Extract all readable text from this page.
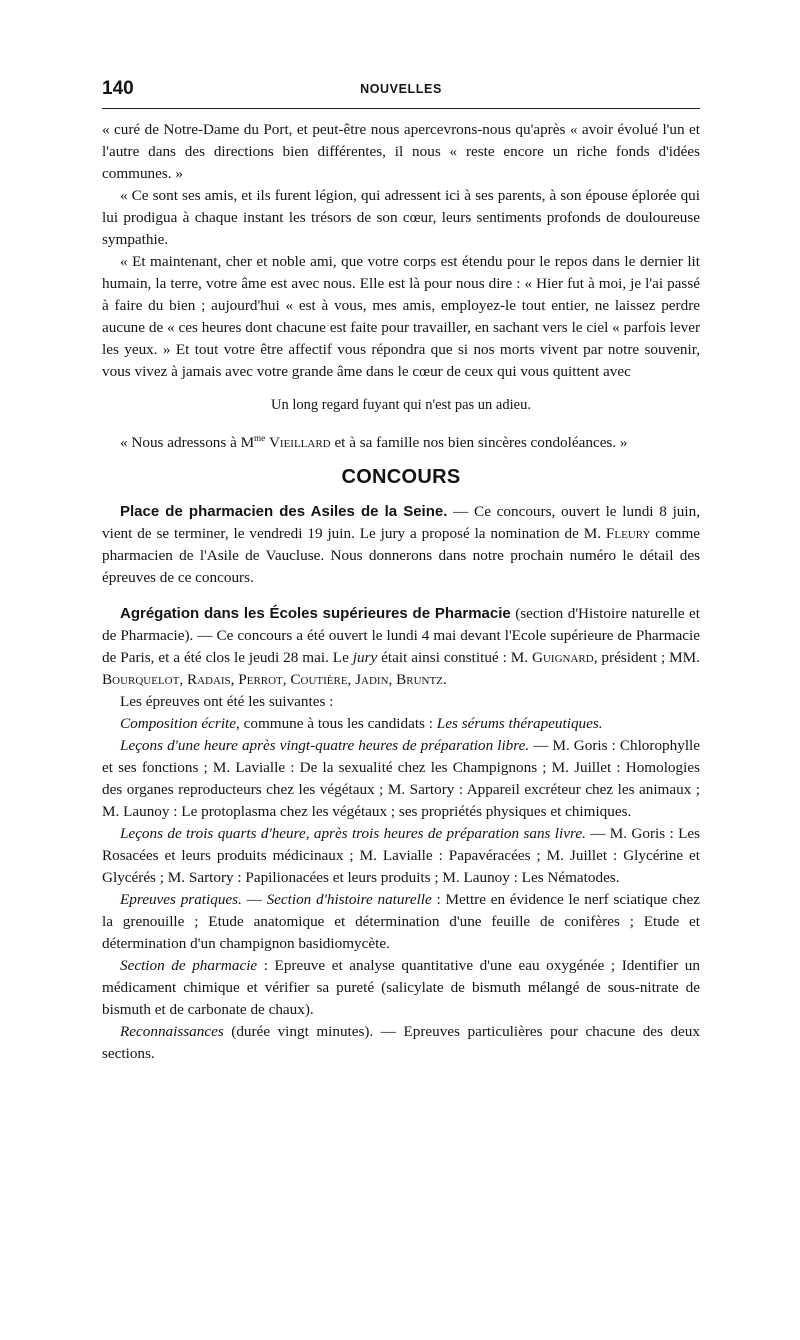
140	NOUVELLES

« curé de Notre-Dame du Port, et peut-être nous apercevrons-nous qu'après « avoir évolué l'un et l'autre dans des directions bien différentes, il nous « reste encore un riche fonds d'idées communes. »

« Ce sont ses amis, et ils furent légion, qui adressent ici à ses parents, à son épouse éplorée qui lui prodigua à chaque instant les trésors de son cœur, leurs sentiments profonds de douloureuse sympathie.

« Et maintenant, cher et noble ami, que votre corps est étendu pour le repos dans le dernier lit humain, la terre, votre âme est avec nous. Elle est là pour nous dire : « Hier fut à moi, je l'ai passé à faire du bien ; aujourd'hui « est à vous, mes amis, employez-le tout entier, ne laissez perdre aucune de « ces heures dont chacune est faite pour travailler, en sachant vers le ciel « parfois lever les yeux. » Et tout votre être affectif vous répondra que si nos morts vivent par notre souvenir, vous vivez à jamais avec votre grande âme dans le cœur de ceux qui vous quittent avec

Un long regard fuyant qui n'est pas un adieu.

« Nous adressons à $M^{me}$ Vieillard et à sa famille nos bien sincères condoléances. »

CONCOURS

Place de pharmacien des Asiles de la Seine. — Ce concours, ouvert le lundi 8 juin, vient de se terminer, le vendredi 19 juin. Le jury a proposé la nomination de M. Fleury comme pharmacien de l'Asile de Vaucluse. Nous donnerons dans notre prochain numéro le détail des épreuves de ce concours.

Agrégation dans les Écoles supérieures de Pharmacie (section d'Histoire naturelle et de Pharmacie). — Ce concours a été ouvert le lundi 4 mai devant l'Ecole supérieure de Pharmacie de Paris, et a été clos le jeudi 28 mai. Le jury était ainsi constitué : M. Guignard, président ; MM. Bourquelot, Radais, Perrot, Coutière, Jadin, Bruntz.

Les épreuves ont été les suivantes :

Composition écrite, commune à tous les candidats : Les sérums thérapeutiques.

Leçons d'une heure après vingt-quatre heures de préparation libre. — M. Goris : Chlorophylle et ses fonctions ; M. Lavialle : De la sexualité chez les Champignons ; M. Juillet : Homologies des organes reproducteurs chez les végétaux ; M. Sartory : Appareil excréteur chez les animaux ; M. Launoy : Le protoplasma chez les végétaux ; ses propriétés physiques et chimiques.

Leçons de trois quarts d'heure, après trois heures de préparation sans livre. — M. Goris : Les Rosacées et leurs produits médicinaux ; M. Lavialle : Papavéracées ; M. Juillet : Glycérine et Glycérés ; M. Sartory : Papilionacées et leurs produits ; M. Launoy : Les Nématodes.

Epreuves pratiques. — Section d'histoire naturelle : Mettre en évidence le nerf sciatique chez la grenouille ; Etude anatomique et détermination d'une feuille de conifères ; Etude et détermination d'un champignon basidiomycète.

Section de pharmacie : Epreuve et analyse quantitative d'une eau oxygénée ; Identifier un médicament chimique et vérifier sa pureté (salicylate de bismuth mélangé de sous-nitrate de bismuth et de carbonate de chaux).

Reconnaissances (durée vingt minutes). — Epreuves particulières pour chacune des deux sections.
